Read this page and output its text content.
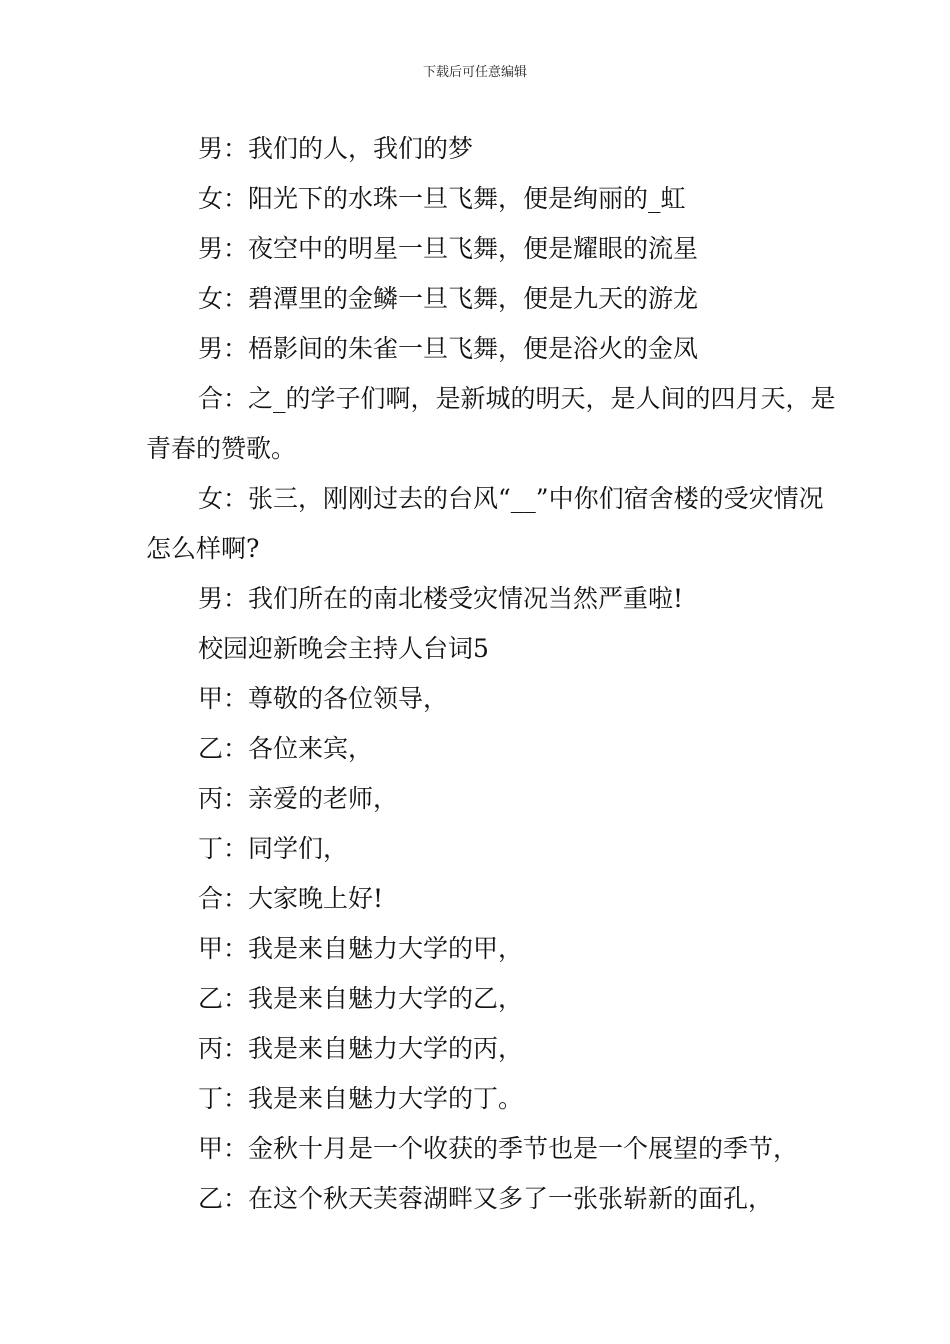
下载后可任意编辑

男：我们的人，我们的梦

女：阳光下的水珠一旦飞舞，便是绚丽的_虹

男：夜空中的明星一旦飞舞，便是耀眼的流星

女：碧潭里的金鳞一旦飞舞，便是九天的游龙

男：梧影间的朱雀一旦飞舞，便是浴火的金凤

合：之_的学子们啊，是新城的明天，是人间的四月天，是青春的赞歌。

女：张三，刚刚过去的台风“__”中你们宿舍楼的受灾情况怎么样啊?

男：我们所在的南北楼受灾情况当然严重啦!

校园迎新晚会主持人台词5

甲：尊敬的各位领导，

乙：各位来宾，

丙：亲爱的老师，

丁：同学们，

合：大家晚上好!

甲：我是来自魅力大学的甲，

乙：我是来自魅力大学的乙，

丙：我是来自魅力大学的丙，

丁：我是来自魅力大学的丁。

甲：金秋十月是一个收获的季节也是一个展望的季节，

乙：在这个秋天芙蓉湖畔又多了一张张崭新的面孔，
